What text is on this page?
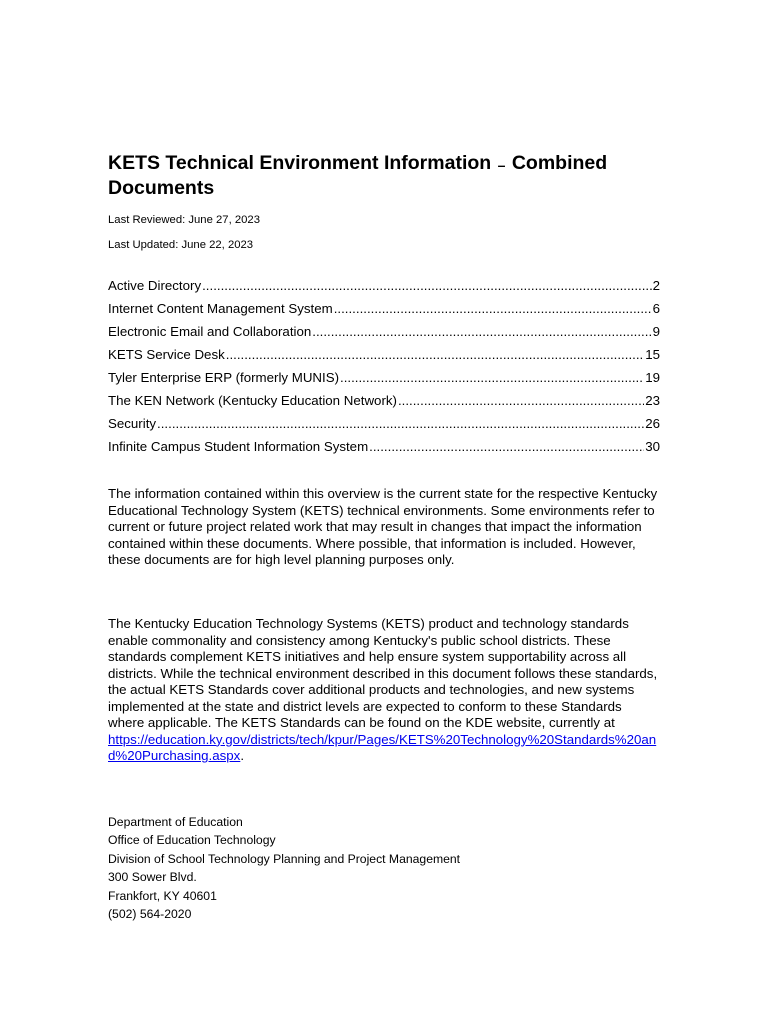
KETS Technical Environment Information – Combined
Documents
Last Reviewed: June 27, 2023
Last Updated: June 22, 2023
Active Directory .....	2
Internet Content Management System .....	6
Electronic Email and Collaboration .....	9
KETS Service Desk .....	15
Tyler Enterprise ERP (formerly MUNIS) .....	19
The KEN Network (Kentucky Education Network) .....	23
Security .....	26
Infinite Campus Student Information System .....	30

The information contained within this overview is the current state for the respective Kentucky Educational Technology System (KETS) technical environments. Some environments refer to current or future project related work that may result in changes that impact the information contained within these documents. Where possible, that information is included. However, these documents are for high level planning purposes only.

The Kentucky Education Technology Systems (KETS) product and technology standards enable commonality and consistency among Kentucky's public school districts. These standards complement KETS initiatives and help ensure system supportability across all districts. While the technical environment described in this document follows these standards, the actual KETS Standards cover additional products and technologies, and new systems implemented at the state and district levels are expected to conform to these Standards where applicable. The KETS Standards can be found on the KDE website, currently at
https://education.ky.gov/districts/tech/kpur/Pages/KETS%20Technology%20Standards%20and%20Purchasing.aspx.

Department of Education
Office of Education Technology
Division of School Technology Planning and Project Management
300 Sower Blvd.
Frankfort, KY 40601
(502) 564-2020
